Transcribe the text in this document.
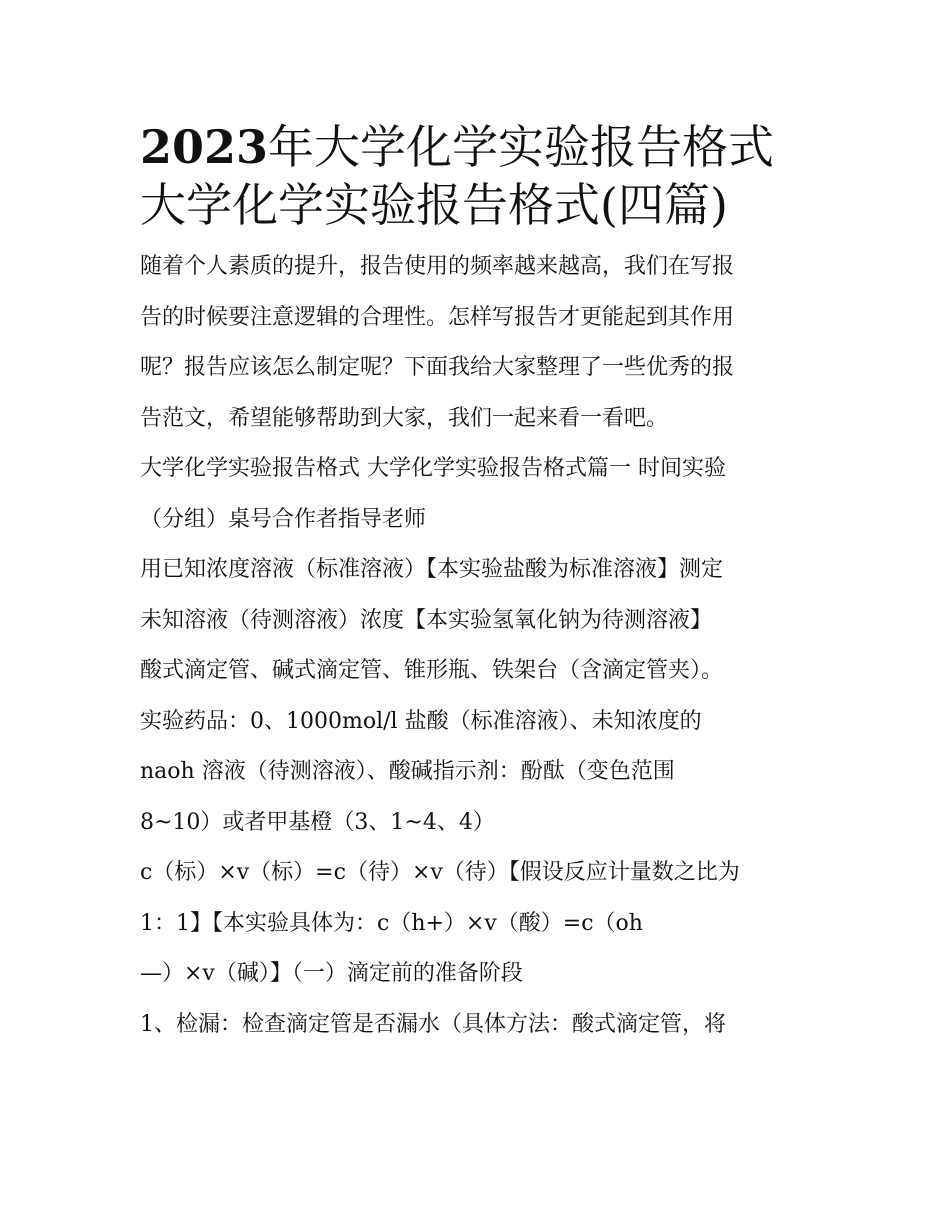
2023年大学化学实验报告格式
大学化学实验报告格式(四篇)
随着个人素质的提升，报告使用的频率越来越高，我们在写报
告的时候要注意逻辑的合理性。怎样写报告才更能起到其作用
呢？报告应该怎么制定呢？下面我给大家整理了一些优秀的报
告范文，希望能够帮助到大家，我们一起来看一看吧。
大学化学实验报告格式 大学化学实验报告格式篇一 时间实验
（分组）桌号合作者指导老师
用已知浓度溶液（标准溶液）【本实验盐酸为标准溶液】测定
未知溶液（待测溶液）浓度【本实验氢氧化钠为待测溶液】
酸式滴定管、碱式滴定管、锥形瓶、铁架台（含滴定管夹）。
实验药品：0、1000mol/l 盐酸（标准溶液）、未知浓度的
naoh 溶液（待测溶液）、酸碱指示剂：酚酞（变色范围
8~10）或者甲基橙（3、1~4、4）
c（标）×v（标）=c（待）×v（待）【假设反应计量数之比为
1：1】【本实验具体为：c（h+）×v（酸）=c（oh
—）×v（碱）】（一）滴定前的准备阶段
1、检漏：检查滴定管是否漏水（具体方法：酸式滴定管，将
